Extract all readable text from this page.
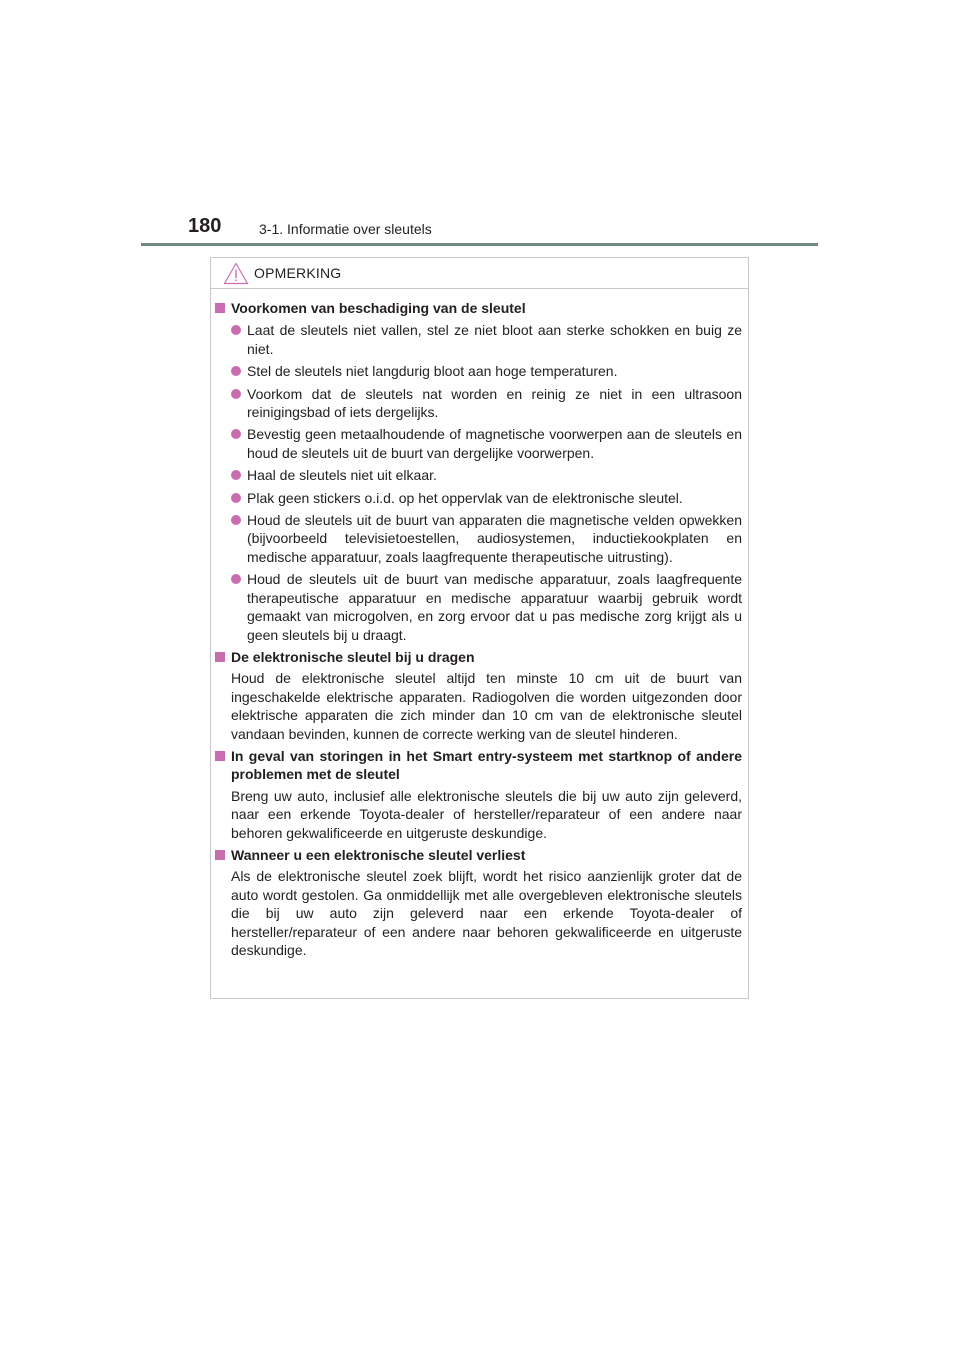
180	3-1. Informatie over sleutels
OPMERKING
Voorkomen van beschadiging van de sleutel
Laat de sleutels niet vallen, stel ze niet bloot aan sterke schokken en buig ze niet.
Stel de sleutels niet langdurig bloot aan hoge temperaturen.
Voorkom dat de sleutels nat worden en reinig ze niet in een ultrasoon reinigingsbad of iets dergelijks.
Bevestig geen metaalhoudende of magnetische voorwerpen aan de sleutels en houd de sleutels uit de buurt van dergelijke voorwerpen.
Haal de sleutels niet uit elkaar.
Plak geen stickers o.i.d. op het oppervlak van de elektronische sleutel.
Houd de sleutels uit de buurt van apparaten die magnetische velden opwekken (bijvoorbeeld televisietoestellen, audiosystemen, inductiekookplaten en medische apparatuur, zoals laagfrequente therapeutische uitrusting).
Houd de sleutels uit de buurt van medische apparatuur, zoals laagfrequente therapeutische apparatuur en medische apparatuur waarbij gebruik wordt gemaakt van microgolven, en zorg ervoor dat u pas medische zorg krijgt als u geen sleutels bij u draagt.
De elektronische sleutel bij u dragen
Houd de elektronische sleutel altijd ten minste 10 cm uit de buurt van ingeschakelde elektrische apparaten. Radiogolven die worden uitgezonden door elektrische apparaten die zich minder dan 10 cm van de elektronische sleutel vandaan bevinden, kunnen de correcte werking van de sleutel hinderen.
In geval van storingen in het Smart entry-systeem met startknop of andere problemen met de sleutel
Breng uw auto, inclusief alle elektronische sleutels die bij uw auto zijn geleverd, naar een erkende Toyota-dealer of hersteller/reparateur of een andere naar behoren gekwalificeerde en uitgeruste deskundige.
Wanneer u een elektronische sleutel verliest
Als de elektronische sleutel zoek blijft, wordt het risico aanzienlijk groter dat de auto wordt gestolen. Ga onmiddellijk met alle overgebleven elektronische sleutels die bij uw auto zijn geleverd naar een erkende Toyota-dealer of hersteller/reparateur of een andere naar behoren gekwalificeerde en uitgeruste deskundige.
